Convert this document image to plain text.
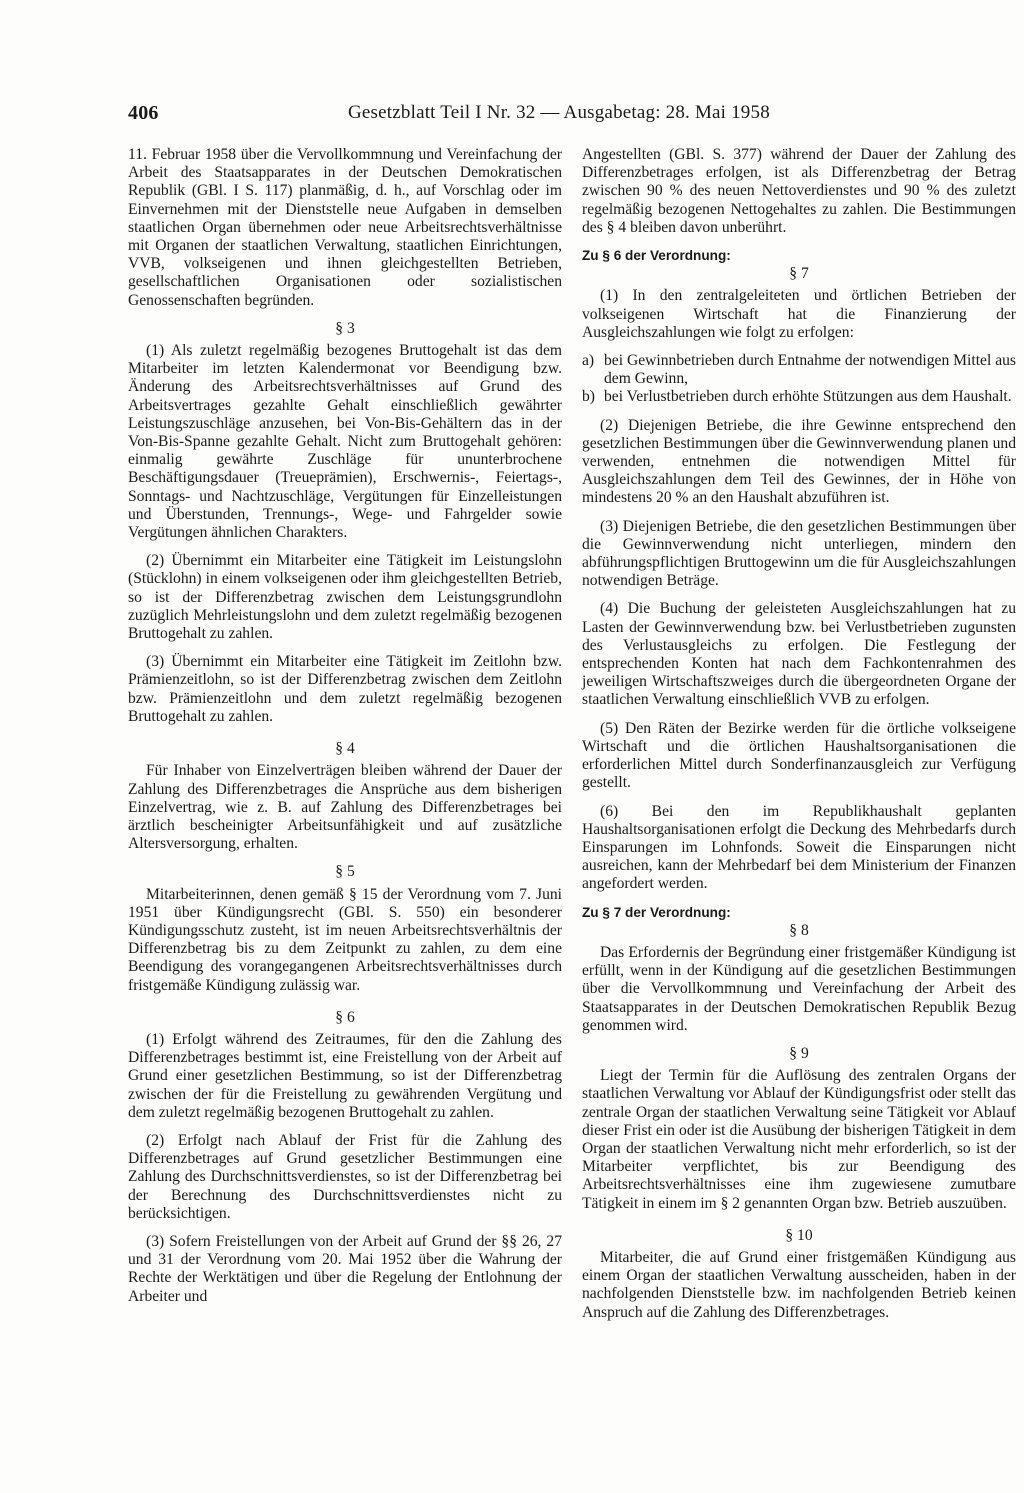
406	Gesetzblatt Teil I Nr. 32 — Ausgabetag: 28. Mai 1958

11. Februar 1958 über die Vervollkommnung und Vereinfachung der Arbeit des Staatsapparates in der Deutschen Demokratischen Republik (GBl. I S. 117) planmäßig, d. h., auf Vorschlag oder im Einvernehmen mit der Dienststelle neue Aufgaben in demselben staatlichen Organ übernehmen oder neue Arbeitsrechtsverhältnisse mit Organen der staatlichen Verwaltung, staatlichen Einrichtungen, VVB, volkseigenen und ihnen gleichgestellten Betrieben, gesellschaftlichen Organisationen oder sozialistischen Genossenschaften begründen.

§ 3

(1) Als zuletzt regelmäßig bezogenes Bruttogehalt ist das dem Mitarbeiter im letzten Kalendermonat vor Beendigung bzw. Änderung des Arbeitsrechtsverhältnisses auf Grund des Arbeitsvertrages gezahlte Gehalt einschließlich gewährter Leistungszuschläge anzusehen, bei Von-Bis-Gehältern das in der Von-Bis-Spanne gezahlte Gehalt. Nicht zum Bruttogehalt gehören: einmalig gewährte Zuschläge für ununterbrochene Beschäftigungsdauer (Treueprämien), Erschwernis-, Feiertags-, Sonntags- und Nachtzuschläge, Vergütungen für Einzelleistungen und Überstunden, Trennungs-, Wege- und Fahrgelder sowie Vergütungen ähnlichen Charakters.

(2) Übernimmt ein Mitarbeiter eine Tätigkeit im Leistungslohn (Stücklohn) in einem volkseigenen oder ihm gleichgestellten Betrieb, so ist der Differenzbetrag zwischen dem Leistungsgrundlohn zuzüglich Mehrleistungslohn und dem zuletzt regelmäßig bezogenen Bruttogehalt zu zahlen.

(3) Übernimmt ein Mitarbeiter eine Tätigkeit im Zeitlohn bzw. Prämienzeitlohn, so ist der Differenzbetrag zwischen dem Zeitlohn bzw. Prämienzeitlohn und dem zuletzt regelmäßig bezogenen Bruttogehalt zu zahlen.

§ 4

Für Inhaber von Einzelverträgen bleiben während der Dauer der Zahlung des Differenzbetrages die Ansprüche aus dem bisherigen Einzelvertrag, wie z. B. auf Zahlung des Differenzbetrages bei ärztlich bescheinigter Arbeitsunfähigkeit und auf zusätzliche Altersversorgung, erhalten.

§ 5

Mitarbeiterinnen, denen gemäß § 15 der Verordnung vom 7. Juni 1951 über Kündigungsrecht (GBl. S. 550) ein besonderer Kündigungsschutz zusteht, ist im neuen Arbeitsrechtsverhältnis der Differenzbetrag bis zu dem Zeitpunkt zu zahlen, zu dem eine Beendigung des vorangegangenen Arbeitsrechtsverhältnisses durch fristgemäße Kündigung zulässig war.

§ 6

(1) Erfolgt während des Zeitraumes, für den die Zahlung des Differenzbetrages bestimmt ist, eine Freistellung von der Arbeit auf Grund einer gesetzlichen Bestimmung, so ist der Differenzbetrag zwischen der für die Freistellung zu gewährenden Vergütung und dem zuletzt regelmäßig bezogenen Bruttogehalt zu zahlen.

(2) Erfolgt nach Ablauf der Frist für die Zahlung des Differenzbetrages auf Grund gesetzlicher Bestimmungen eine Zahlung des Durchschnittsverdienstes, so ist der Differenzbetrag bei der Berechnung des Durchschnittsverdienstes nicht zu berücksichtigen.

(3) Sofern Freistellungen von der Arbeit auf Grund der §§ 26, 27 und 31 der Verordnung vom 20. Mai 1952 über die Wahrung der Rechte der Werktätigen und über die Regelung der Entlohnung der Arbeiter und

Angestellten (GBl. S. 377) während der Dauer der Zahlung des Differenzbetrages erfolgen, ist als Differenzbetrag der Betrag zwischen 90 % des neuen Nettoverdienstes und 90 % des zuletzt regelmäßig bezogenen Nettogehaltes zu zahlen. Die Bestimmungen des § 4 bleiben davon unberührt.

Zu § 6 der Verordnung:
§ 7

(1) In den zentralgeleiteten und örtlichen Betrieben der volkseigenen Wirtschaft hat die Finanzierung der Ausgleichszahlungen wie folgt zu erfolgen:

a) bei Gewinnbetrieben durch Entnahme der notwendigen Mittel aus dem Gewinn,
b) bei Verlustbetrieben durch erhöhte Stützungen aus dem Haushalt.

(2) Diejenigen Betriebe, die ihre Gewinne entsprechend den gesetzlichen Bestimmungen über die Gewinnverwendung planen und verwenden, entnehmen die notwendigen Mittel für Ausgleichszahlungen dem Teil des Gewinnes, der in Höhe von mindestens 20 % an den Haushalt abzuführen ist.

(3) Diejenigen Betriebe, die den gesetzlichen Bestimmungen über die Gewinnverwendung nicht unterliegen, mindern den abführungspflichtigen Bruttogewinn um die für Ausgleichszahlungen notwendigen Beträge.

(4) Die Buchung der geleisteten Ausgleichszahlungen hat zu Lasten der Gewinnverwendung bzw. bei Verlustbetrieben zugunsten des Verlustausgleichs zu erfolgen. Die Festlegung der entsprechenden Konten hat nach dem Fachkontenrahmen des jeweiligen Wirtschaftszweiges durch die übergeordneten Organe der staatlichen Verwaltung einschließlich VVB zu erfolgen.

(5) Den Räten der Bezirke werden für die örtliche volkseigene Wirtschaft und die örtlichen Haushaltsorganisationen die erforderlichen Mittel durch Sonderfinanzausgleich zur Verfügung gestellt.

(6) Bei den im Republikhaushalt geplanten Haushaltsorganisationen erfolgt die Deckung des Mehrbedarfs durch Einsparungen im Lohnfonds. Soweit die Einsparungen nicht ausreichen, kann der Mehrbedarf bei dem Ministerium der Finanzen angefordert werden.

Zu § 7 der Verordnung:
§ 8

Das Erfordernis der Begründung einer fristgemäßer Kündigung ist erfüllt, wenn in der Kündigung auf die gesetzlichen Bestimmungen über die Vervollkommnung und Vereinfachung der Arbeit des Staatsapparates in der Deutschen Demokratischen Republik Bezug genommen wird.

§ 9

Liegt der Termin für die Auflösung des zentralen Organs der staatlichen Verwaltung vor Ablauf der Kündigungsfrist oder stellt das zentrale Organ der staatlichen Verwaltung seine Tätigkeit vor Ablauf dieser Frist ein oder ist die Ausübung der bisherigen Tätigkeit in dem Organ der staatlichen Verwaltung nicht mehr erforderlich, so ist der Mitarbeiter verpflichtet, bis zur Beendigung des Arbeitsrechtsverhältnisses eine ihm zugewiesene zumutbare Tätigkeit in einem im § 2 genannten Organ bzw. Betrieb auszuüben.

§ 10

Mitarbeiter, die auf Grund einer fristgemäßen Kündigung aus einem Organ der staatlichen Verwaltung ausscheiden, haben in der nachfolgenden Dienststelle bzw. im nachfolgenden Betrieb keinen Anspruch auf die Zahlung des Differenzbetrages.
